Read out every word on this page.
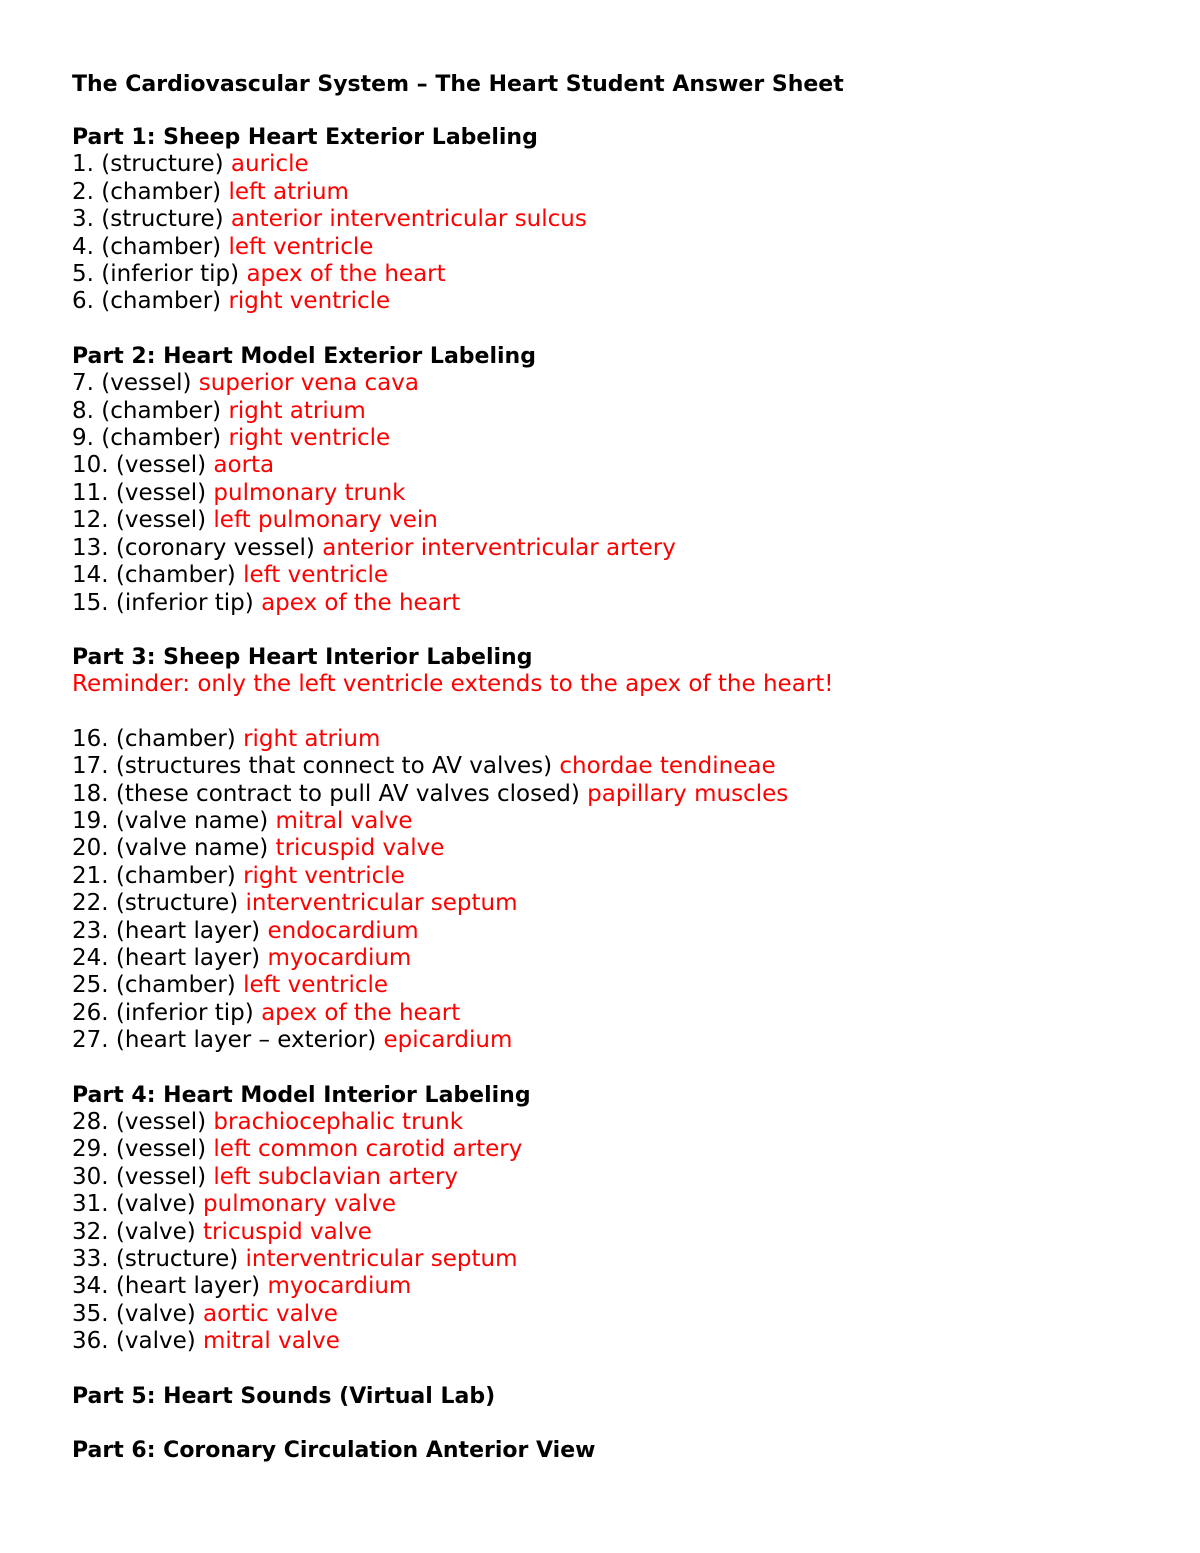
The Cardiovascular System – The Heart Student Answer Sheet
Part 1: Sheep Heart Exterior Labeling
1. (structure) auricle
2. (chamber) left atrium
3. (structure) anterior interventricular sulcus
4. (chamber) left ventricle
5. (inferior tip) apex of the heart
6. (chamber) right ventricle
Part 2: Heart Model Exterior Labeling
7. (vessel) superior vena cava
8. (chamber) right atrium
9. (chamber) right ventricle
10. (vessel) aorta
11. (vessel) pulmonary trunk
12. (vessel) left pulmonary vein
13. (coronary vessel) anterior interventricular artery
14. (chamber) left ventricle
15. (inferior tip) apex of the heart
Part 3: Sheep Heart Interior Labeling
Reminder: only the left ventricle extends to the apex of the heart!
16. (chamber) right atrium
17. (structures that connect to AV valves) chordae tendineae
18. (these contract to pull AV valves closed) papillary muscles
19. (valve name) mitral valve
20. (valve name) tricuspid valve
21. (chamber) right ventricle
22. (structure) interventricular septum
23. (heart layer) endocardium
24. (heart layer) myocardium
25. (chamber) left ventricle
26. (inferior tip) apex of the heart
27. (heart layer – exterior) epicardium
Part 4: Heart Model Interior Labeling
28. (vessel) brachiocephalic trunk
29. (vessel) left common carotid artery
30. (vessel) left subclavian artery
31. (valve) pulmonary valve
32. (valve) tricuspid valve
33. (structure) interventricular septum
34. (heart layer) myocardium
35. (valve) aortic valve
36. (valve) mitral valve
Part 5: Heart Sounds (Virtual Lab)
Part 6: Coronary Circulation Anterior View
